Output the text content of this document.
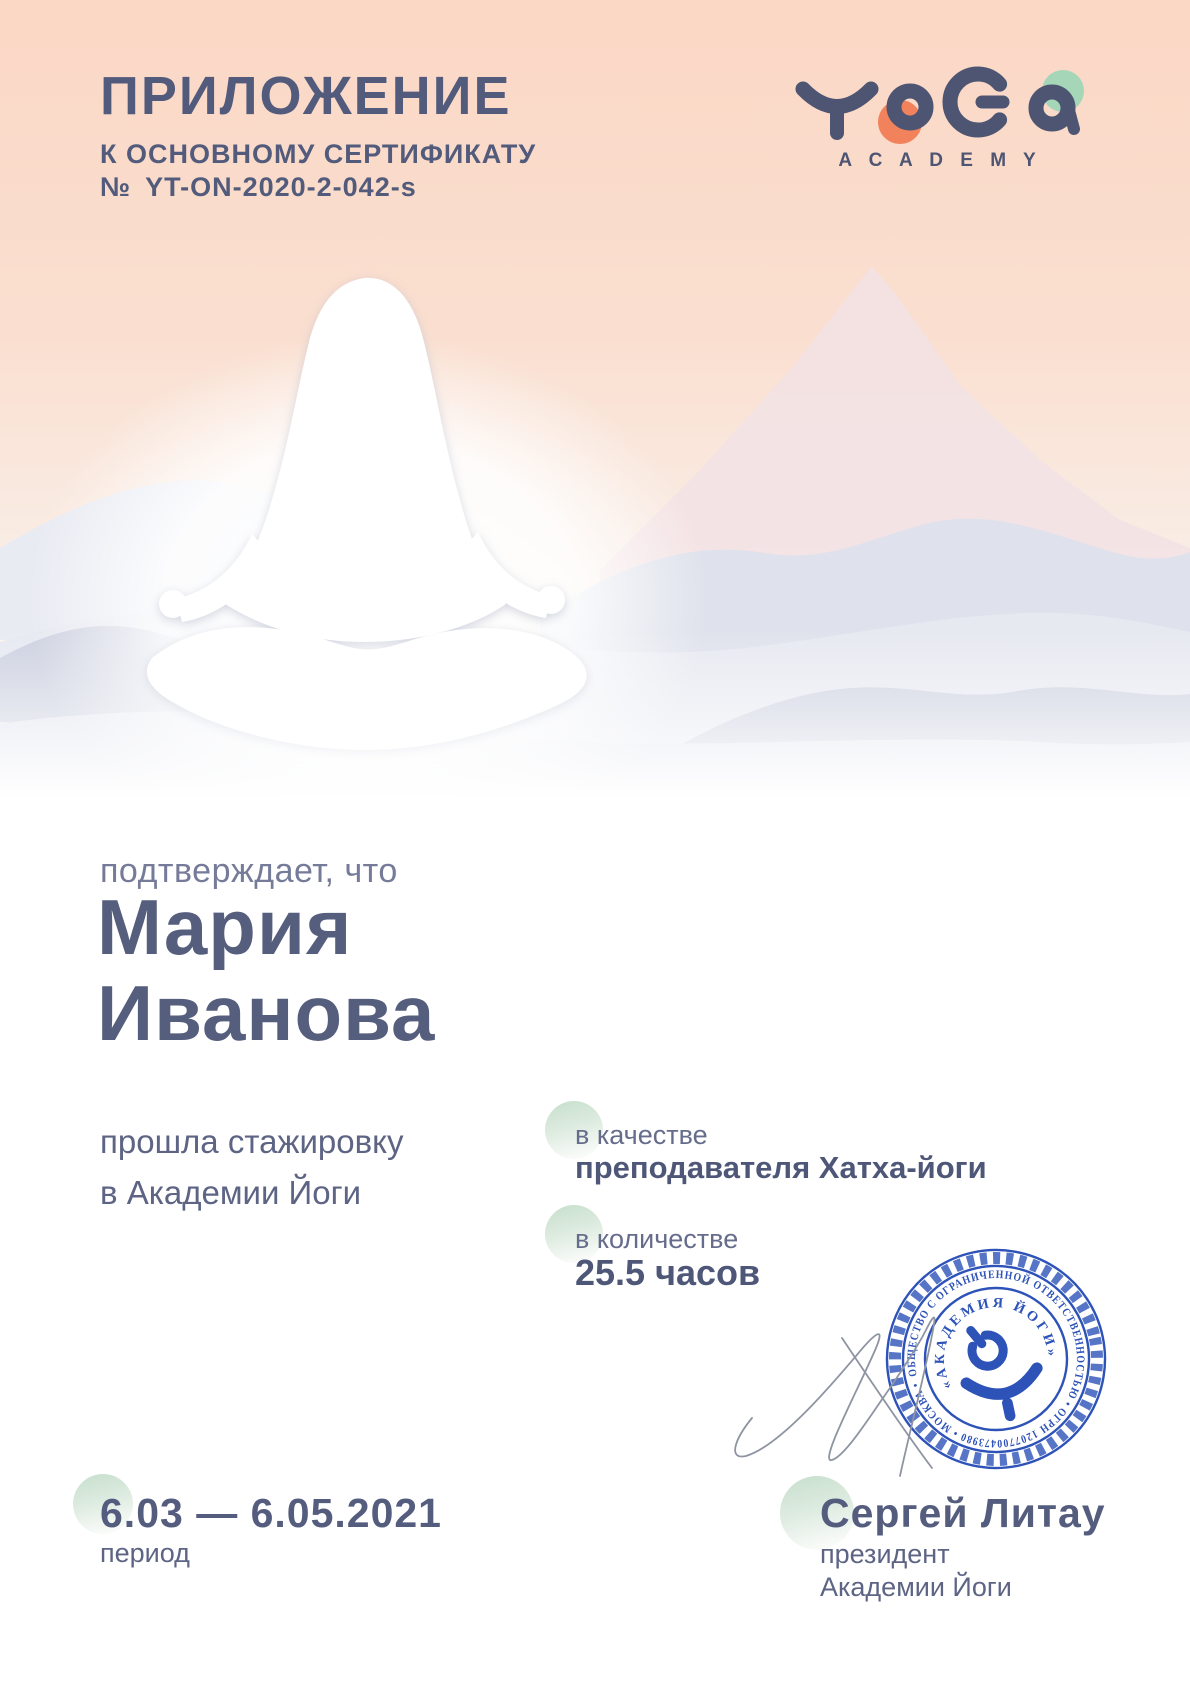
ПРИЛОЖЕНИЕ
К ОСНОВНОМУ СЕРТИФИКАТУ
№ YT-ON-2020-2-042-s
A C A D E M Y
подтверждает, что
Мария
Иванова
прошла стажировку
в Академии Йоги
в качестве
преподавателя Хатха-йоги
в количестве
25.5 часов
ОБЩЕСТВО С ОГРАНИЧЕННОЙ ОТВЕТСТВЕННОСТЬЮ • ОГРН 1207700473980 • МОСКВА •	«АКАДЕМИЯ ЙОГИ»
6.03 — 6.05.2021
период
Сергей Литау
президент
Академии Йоги
